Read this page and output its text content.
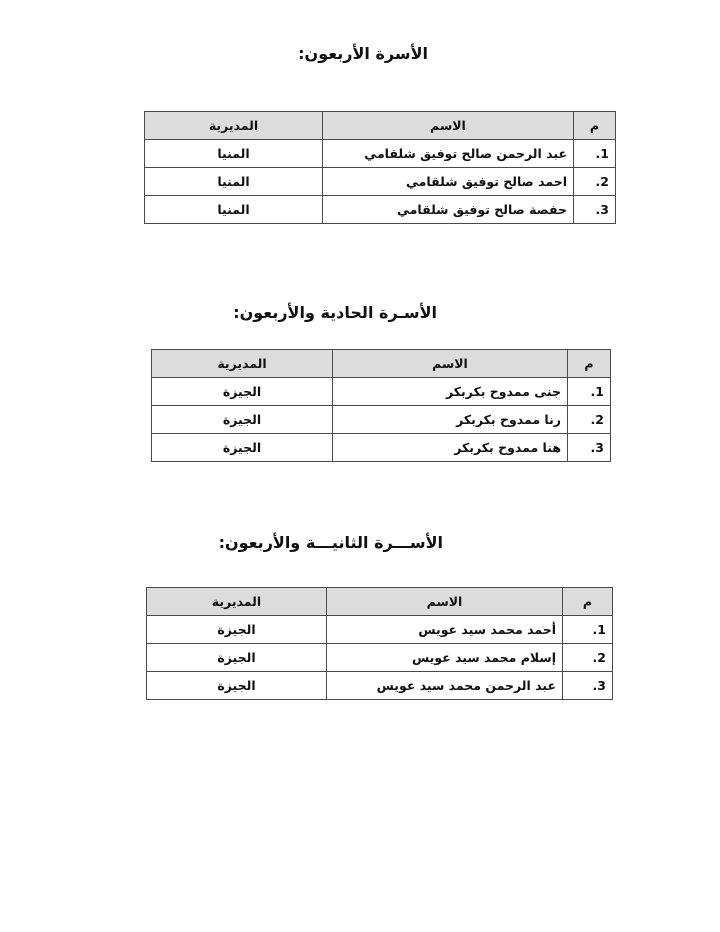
الأسرة الأربعون:
م	الاسم	المديرية
1.	عبد الرحمن صالح توفيق شلقامي	المنيا
2.	احمد صالح توفيق شلقامي	المنيا
3.	حفصة صالح توفيق شلقامي	المنيا
الأسـرة الحادية والأربعون:
م	الاسم	المديرية
1.	جنى ممدوح بكربكر	الجيزة
2.	رنا ممدوح بكربكر	الجيزة
3.	هنا ممدوح بكربكر	الجيزة
الأســـرة الثانيـــة والأربعون:
م	الاسم	المديرية
1.	أحمد محمد سيد عويس	الجيزة
2.	إسلام محمد سيد عويس	الجيزة
3.	عبد الرحمن محمد سيد عويس	الجيزة
